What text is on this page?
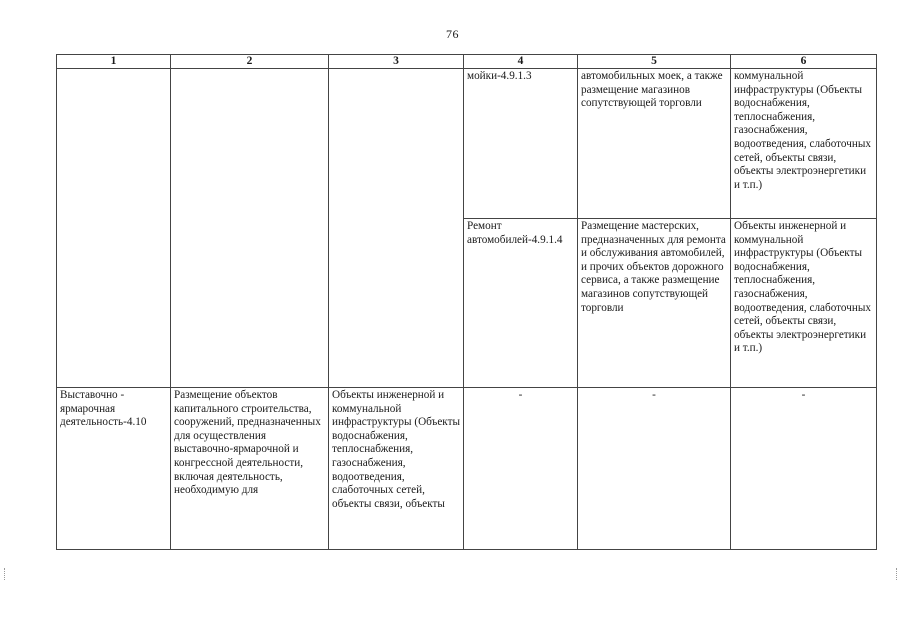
76
1	2	3	4	5	6
			мойки-4.9.1.3	автомобильных моек, а также размещение магазинов сопутствующей торговли	коммунальной инфраструктуры (Объекты водоснабжения, теплоснабжения, газоснабжения, водоотведения, слаботочных сетей, объекты связи, объекты электроэнергетики и т.п.)
			Ремонт автомобилей-4.9.1.4	Размещение мастерских, предназначенных для ремонта и обслуживания автомобилей, и прочих объектов дорожного сервиса, а также размещение магазинов сопутствующей торговли	Объекты инженерной и коммунальной инфраструктуры (Объекты водоснабжения, теплоснабжения, газоснабжения, водоотведения, слаботочных сетей, объекты связи, объекты электроэнергетики и т.п.)
Выставочно - ярмарочная деятельность-4.10	Размещение объектов капитального строительства, сооружений, предназначенных для осуществления выставочно-ярмарочной и конгрессной деятельности, включая деятельность, необходимую для	Объекты инженерной и коммунальной инфраструктуры (Объекты водоснабжения, теплоснабжения, газоснабжения, водоотведения, слаботочных сетей, объекты связи, объекты	-	-	-
